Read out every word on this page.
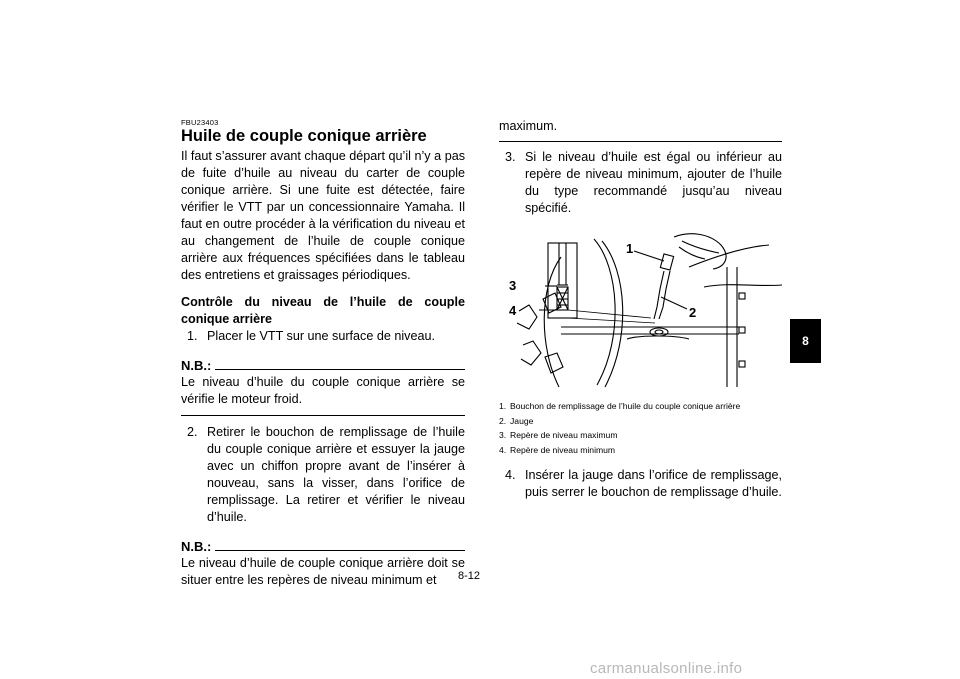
FBU23403

Huile de couple conique arrière

Il faut s’assurer avant chaque départ qu’il n’y a pas de fuite d’huile au niveau du carter de couple conique arrière. Si une fuite est détectée, faire vérifier le VTT par un concessionnaire Yamaha. Il faut en outre procéder à la vérification du niveau et au changement de l’huile de couple conique arrière aux fréquences spécifiées dans le tableau des entretiens et graissages périodiques.

Contrôle du niveau de l’huile de couple conique arrière

1. Placer le VTT sur une surface de niveau.

N.B.:

Le niveau d’huile du couple conique arrière se vérifie le moteur froid.

2. Retirer le bouchon de remplissage de l’huile du couple conique arrière et essuyer la jauge avec un chiffon propre avant de l’insérer à nouveau, sans la visser, dans l’orifice de remplissage. La retirer et vérifier le niveau d’huile.

N.B.:

Le niveau d’huile de couple conique arrière doit se situer entre les repères de niveau minimum et

maximum.

3. Si le niveau d’huile est égal ou inférieur au repère de niveau minimum, ajouter de l’huile du type recommandé jusqu’au niveau spécifié.

1
2
3
4
1. Bouchon de remplissage de l’huile du couple conique arrière
2. Jauge
3. Repère de niveau maximum
4. Repère de niveau minimum

4. Insérer la jauge dans l’orifice de remplissage, puis serrer le bouchon de remplissage d’huile.

8-12
8
carmanualsonline.info
